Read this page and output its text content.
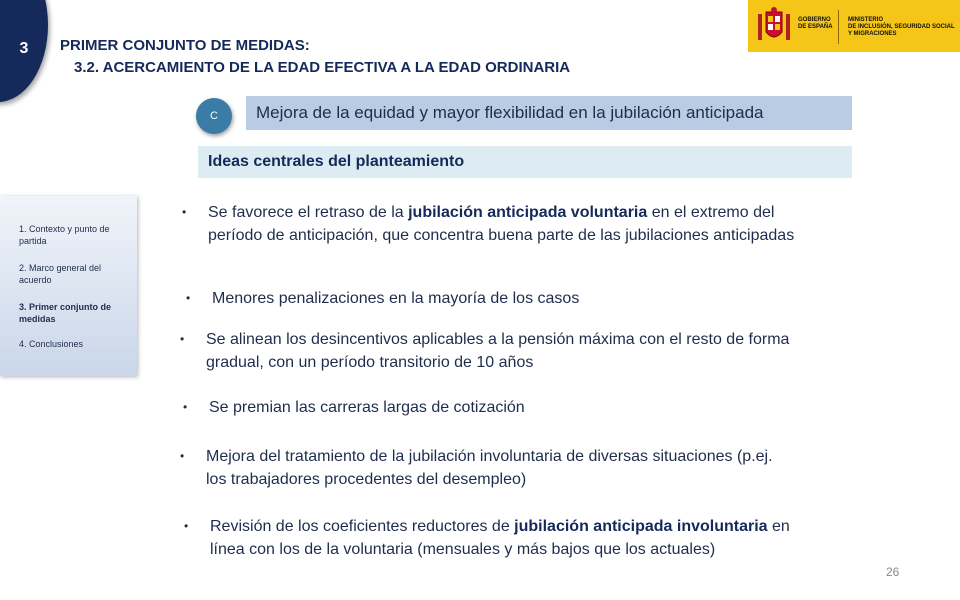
3	PRIMER CONJUNTO DE MEDIDAS:
3.2. ACERCAMIENTO DE LA EDAD EFECTIVA A LA EDAD ORDINARIA
GOBIERNO
DE ESPAÑA
MINISTERIO
DE INCLUSIÓN, SEGURIDAD SOCIAL
Y MIGRACIONES
C	Mejora de la equidad y mayor flexibilidad en la jubilación anticipada
Ideas centrales del planteamiento
1. Contexto y punto de partida
2. Marco general del acuerdo
3. Primer conjunto de medidas
4. Conclusiones
• Se favorece el retraso de la jubilación anticipada voluntaria en el extremo del
período de anticipación, que concentra buena parte de las jubilaciones anticipadas
• Menores penalizaciones en la mayoría de los casos
• Se alinean los desincentivos aplicables a la pensión máxima con el resto de forma
gradual, con un período transitorio de 10 años
• Se premian las carreras largas de cotización
• Mejora del tratamiento de la jubilación involuntaria de diversas situaciones (p.ej.
los trabajadores procedentes del desempleo)
• Revisión de los coeficientes reductores de jubilación anticipada involuntaria en
línea con los de la voluntaria (mensuales y más bajos que los actuales)
26
